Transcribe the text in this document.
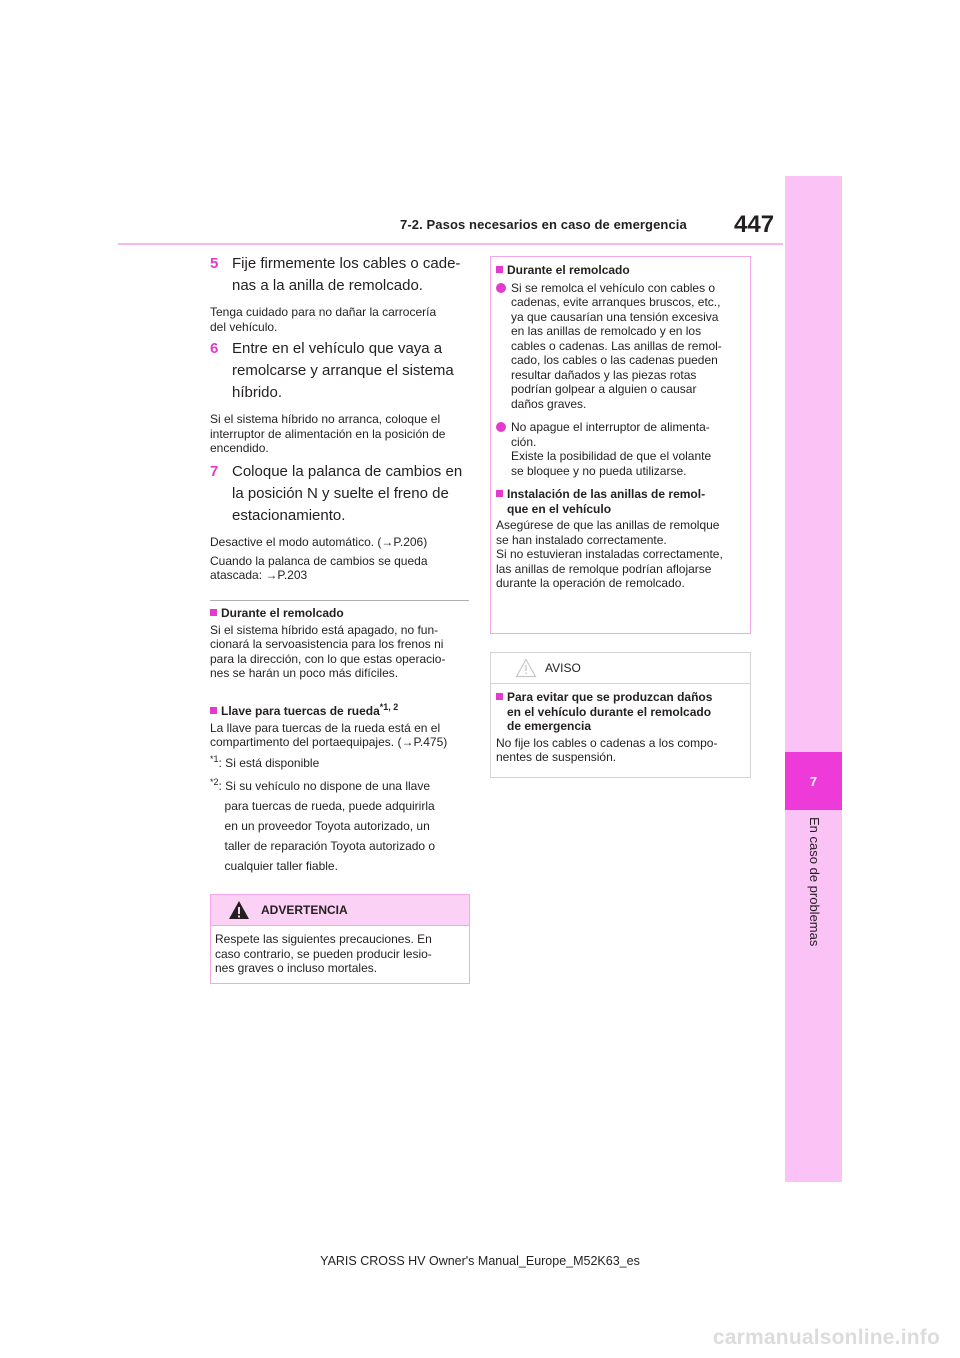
7-2. Pasos necesarios en caso de emergencia 447
7
En caso de problemas
5 Fije firmemente los cables o cade-
nas a la anilla de remolcado.
Tenga cuidado para no dañar la carrocería
del vehículo.
6 Entre en el vehículo que vaya a
remolcarse y arranque el sistema
híbrido.
Si el sistema híbrido no arranca, coloque el
interruptor de alimentación en la posición de
encendido.
7 Coloque la palanca de cambios en
la posición N y suelte el freno de
estacionamiento.
Desactive el modo automático. (→P.206)
Cuando la palanca de cambios se queda
atascada: →P.203
Durante el remolcado
Si el sistema híbrido está apagado, no fun-
cionará la servoasistencia para los frenos ni
para la dirección, con lo que estas operacio-
nes se harán un poco más difíciles.
Llave para tuercas de rueda$^{*1, 2}$
La llave para tuercas de la rueda está en el
compartimento del portaequipajes. (→P.475)
$^{*1}$: Si está disponible
*2 : Si su vehículo no dispone de una llave
para tuercas de rueda, puede adquirirla
en un proveedor Toyota autorizado, un
taller de reparación Toyota autorizado o
cualquier taller fiable.
ADVERTENCIA
Respete las siguientes precauciones. En
caso contrario, se pueden producir lesio-
nes graves o incluso mortales.
Durante el remolcado
Si se remolca el vehículo con cables o
cadenas, evite arranques bruscos, etc.,
ya que causarían una tensión excesiva
en las anillas de remolcado y en los
cables o cadenas. Las anillas de remol-
cado, los cables o las cadenas pueden
resultar dañados y las piezas rotas
podrían golpear a alguien o causar
daños graves.
No apague el interruptor de alimenta-
ción.
Existe la posibilidad de que el volante
se bloquee y no pueda utilizarse.
Instalación de las anillas de remol-
que en el vehículo
Asegúrese de que las anillas de remolque
se han instalado correctamente.
Si no estuvieran instaladas correctamente,
las anillas de remolque podrían aflojarse
durante la operación de remolcado.
AVISO
Para evitar que se produzcan daños
en el vehículo durante el remolcado
de emergencia
No fije los cables o cadenas a los compo-
nentes de suspensión.
YARIS CROSS HV Owner's Manual_Europe_M52K63_es
carmanualsonline.info
